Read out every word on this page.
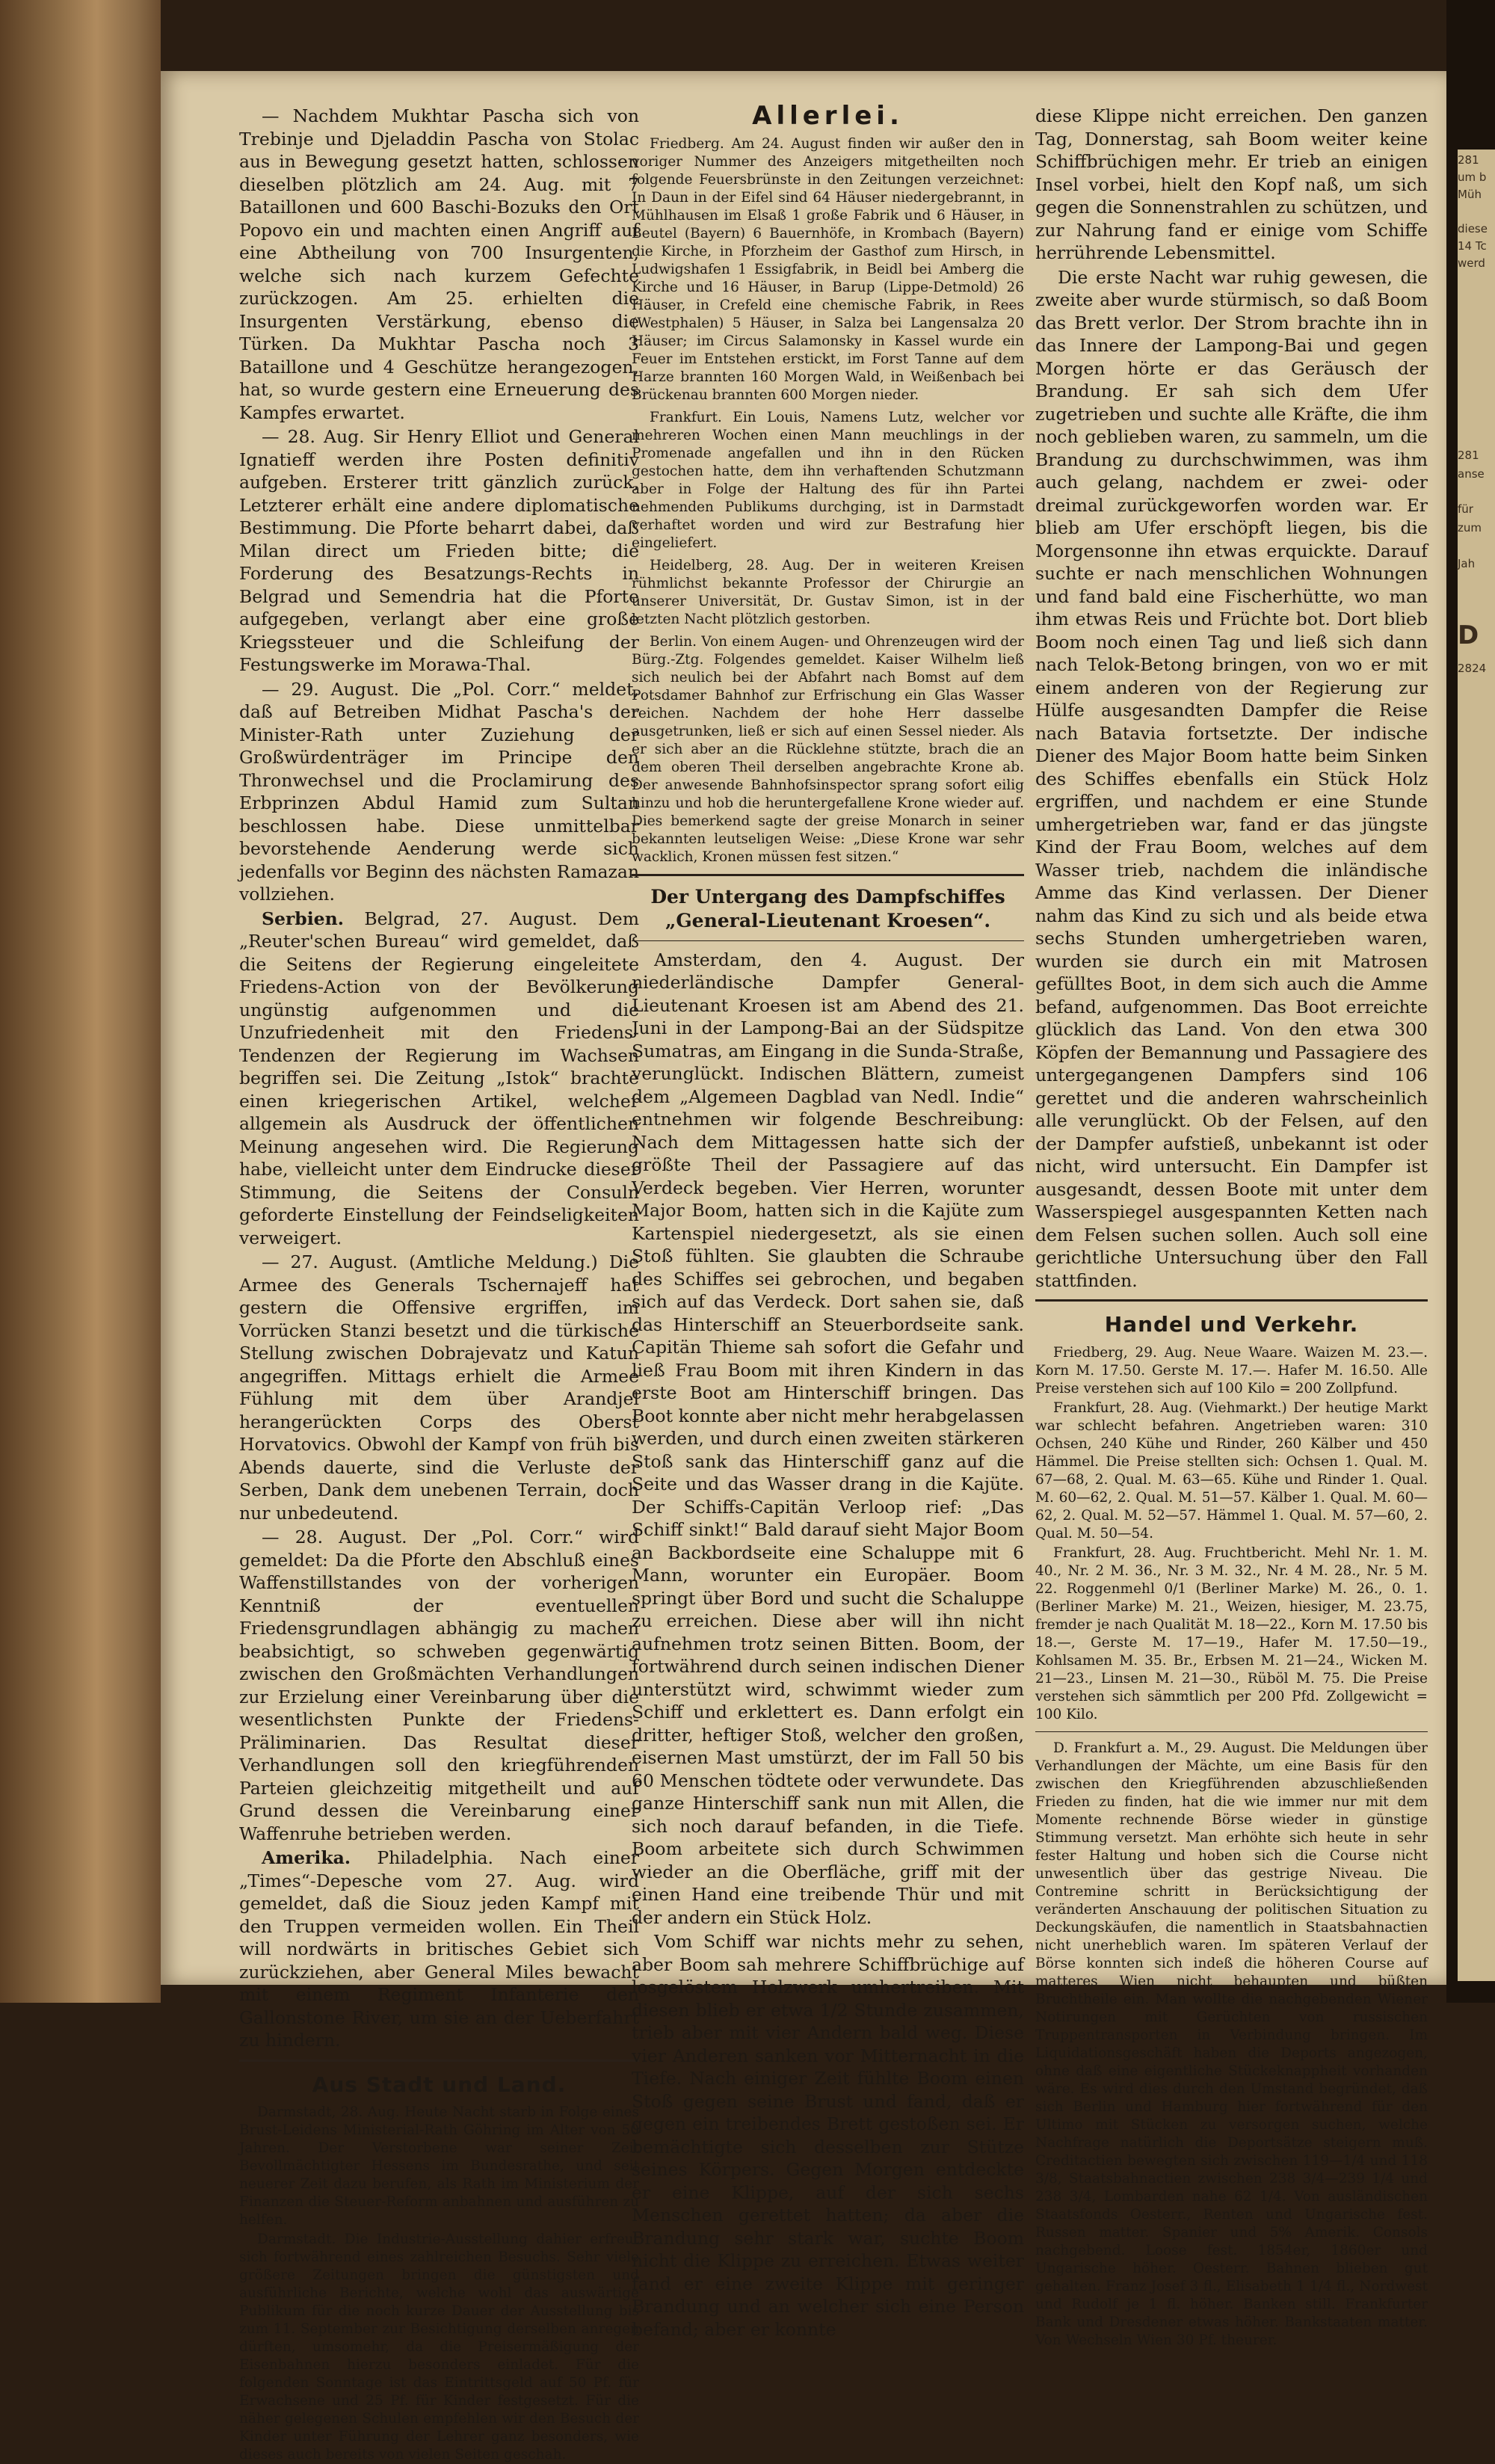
— Nachdem Mukhtar Pascha sich von Trebinje und Djeladdin Pascha von Stolac aus in Bewegung gesetzt hatten, schlossen dieselben plötzlich am 24. Aug. mit 7 Bataillonen und 600 Baschi-Bozuks den Ort Popovo ein und machten einen Angriff auf eine Abtheilung von 700 Insurgenten, welche sich nach kurzem Gefechte zurückzogen. Am 25. erhielten die Insurgenten Verstärkung, ebenso die Türken. Da Mukhtar Pascha noch 3 Bataillone und 4 Geschütze herangezogen, hat, so wurde gestern eine Erneuerung des Kampfes erwartet.

— 28. Aug. Sir Henry Elliot und General Ignatieff werden ihre Posten definitiv aufgeben. Ersterer tritt gänzlich zurück, Letzterer erhält eine andere diplomatische Bestimmung. Die Pforte beharrt dabei, daß Milan direct um Frieden bitte; die Forderung des Besatzungs-Rechts in Belgrad und Semendria hat die Pforte aufgegeben, verlangt aber eine große Kriegssteuer und die Schleifung der Festungswerke im Morawa-Thal.

— 29. August. Die „Pol. Corr.“ meldet, daß auf Betreiben Midhat Pascha's der Minister-Rath unter Zuziehung der Großwürdenträger im Principe den Thronwechsel und die Proclamirung des Erbprinzen Abdul Hamid zum Sultan beschlossen habe. Diese unmittelbar bevorstehende Aenderung werde sich jedenfalls vor Beginn des nächsten Ramazan vollziehen.

Serbien. Belgrad, 27. August. Dem „Reuter'schen Bureau“ wird gemeldet, daß die Seitens der Regierung eingeleitete Friedens-Action von der Bevölkerung ungünstig aufgenommen und die Unzufriedenheit mit den Friedens-Tendenzen der Regierung im Wachsen begriffen sei. Die Zeitung „Istok“ brachte einen kriegerischen Artikel, welcher allgemein als Ausdruck der öffentlichen Meinung angesehen wird. Die Regierung habe, vielleicht unter dem Eindrucke dieser Stimmung, die Seitens der Consuln geforderte Einstellung der Feindseligkeiten verweigert.

— 27. August. (Amtliche Meldung.) Die Armee des Generals Tschernajeff hat gestern die Offensive ergriffen, im Vorrücken Stanzi besetzt und die türkische Stellung zwischen Dobrajevatz und Katun angegriffen. Mittags erhielt die Armee Fühlung mit dem über Arandjel herangerückten Corps des Oberst Horvatovics. Obwohl der Kampf von früh bis Abends dauerte, sind die Verluste der Serben, Dank dem unebenen Terrain, doch nur unbedeutend.

— 28. August. Der „Pol. Corr.“ wird gemeldet: Da die Pforte den Abschluß eines Waffenstillstandes von der vorherigen Kenntniß der eventuellen Friedensgrundlagen abhängig zu machen beabsichtigt, so schweben gegenwärtig zwischen den Großmächten Verhandlungen zur Erzielung einer Vereinbarung über die wesentlichsten Punkte der Friedens-Präliminarien. Das Resultat dieser Verhandlungen soll den kriegführenden Parteien gleichzeitig mitgetheilt und auf Grund dessen die Vereinbarung einer Waffenruhe betrieben werden.

Amerika. Philadelphia. Nach einer „Times“-Depesche vom 27. Aug. wird gemeldet, daß die Siouz jeden Kampf mit den Truppen vermeiden wollen. Ein Theil will nordwärts in britisches Gebiet sich zurückziehen, aber General Miles bewacht mit einem Regiment Infanterie den Gallonstone River, um sie an der Ueberfahrt zu hindern.

Aus Stadt und Land.

Darmstadt, 28. Aug. Heute Nacht starb in Folge eines Brust-Leidens Ministerial-Rath Göhring im Alter von 50 Jahren. Der Verstorbene war seiner Zeit Bevollmächtigter Hessens im Bundesrathe, und seit neuerer Zeit dazu berufen, als Rath im Ministerium der Finanzen die Steuer-Reform anbahnen und ausführen zu helfen.

Darmstadt. Die Industrie-Ausstellung dahier erfreut sich fortwährend eines zahlreichen Besuchs. Sehr viele größere Zeitungen bringen die günstigsten und ausführliche Berichte, welche wohl das auswärtige Publikum für die noch kurze Dauer der Ausstellung bis zum 11. September zur Besichtigung derselben anregen dürften, umsomehr, da die Preisermäßigung der Eisenbahnen hierzu besonders einladet. Für die folgenden Sonntage ist das Eintrittsgeld auf 50 Pf. für Erwachsene und 25 Pf. für Kinder festgesetzt. Für die näher gelegenen Schulen empfehlen wir den Besuch der Kinder unter Führung der Lehrer ganz besonders, wie dieses auch bereits von vielen Seiten geschah.

Allerlei.

Friedberg. Am 24. August finden wir außer den in voriger Nummer des Anzeigers mitgetheilten noch folgende Feuersbrünste in den Zeitungen verzeichnet: In Daun in der Eifel sind 64 Häuser niedergebrannt, in Mühlhausen im Elsaß 1 große Fabrik und 6 Häuser, in Beutel (Bayern) 6 Bauernhöfe, in Krombach (Bayern) die Kirche, in Pforzheim der Gasthof zum Hirsch, in Ludwigshafen 1 Essigfabrik, in Beidl bei Amberg die Kirche und 16 Häuser, in Barup (Lippe-Detmold) 26 Häuser, in Crefeld eine chemische Fabrik, in Rees (Westphalen) 5 Häuser, in Salza bei Langensalza 20 Häuser; im Circus Salamonsky in Kassel wurde ein Feuer im Entstehen erstickt, im Forst Tanne auf dem Harze brannten 160 Morgen Wald, in Weißenbach bei Brückenau brannten 600 Morgen nieder.

Frankfurt. Ein Louis, Namens Lutz, welcher vor mehreren Wochen einen Mann meuchlings in der Promenade angefallen und ihn in den Rücken gestochen hatte, dem ihn verhaftenden Schutzmann aber in Folge der Haltung des für ihn Partei nehmenden Publikums durchging, ist in Darmstadt verhaftet worden und wird zur Bestrafung hier eingeliefert.

Heidelberg, 28. Aug. Der in weiteren Kreisen rühmlichst bekannte Professor der Chirurgie an unserer Universität, Dr. Gustav Simon, ist in der letzten Nacht plötzlich gestorben.

Berlin. Von einem Augen- und Ohrenzeugen wird der Bürg.-Ztg. Folgendes gemeldet. Kaiser Wilhelm ließ sich neulich bei der Abfahrt nach Bomst auf dem Potsdamer Bahnhof zur Erfrischung ein Glas Wasser reichen. Nachdem der hohe Herr dasselbe ausgetrunken, ließ er sich auf einen Sessel nieder. Als er sich aber an die Rücklehne stützte, brach die an dem oberen Theil derselben angebrachte Krone ab. Der anwesende Bahnhofsinspector sprang sofort eilig hinzu und hob die heruntergefallene Krone wieder auf. Dies bemerkend sagte der greise Monarch in seiner bekannten leutseligen Weise: „Diese Krone war sehr wacklich, Kronen müssen fest sitzen.“

Der Untergang des Dampfschiffes „General-Lieutenant Kroesen“.

Amsterdam, den 4. August. Der niederländische Dampfer General-Lieutenant Kroesen ist am Abend des 21. Juni in der Lampong-Bai an der Südspitze Sumatras, am Eingang in die Sunda-Straße, verunglückt. Indischen Blättern, zumeist dem „Algemeen Dagblad van Nedl. Indie“ entnehmen wir folgende Beschreibung: Nach dem Mittagessen hatte sich der größte Theil der Passagiere auf das Verdeck begeben. Vier Herren, worunter Major Boom, hatten sich in die Kajüte zum Kartenspiel niedergesetzt, als sie einen Stoß fühlten. Sie glaubten die Schraube des Schiffes sei gebrochen, und begaben sich auf das Verdeck. Dort sahen sie, daß das Hinterschiff an Steuerbordseite sank. Capitän Thieme sah sofort die Gefahr und ließ Frau Boom mit ihren Kindern in das erste Boot am Hinterschiff bringen. Das Boot konnte aber nicht mehr herabgelassen werden, und durch einen zweiten stärkeren Stoß sank das Hinterschiff ganz auf die Seite und das Wasser drang in die Kajüte. Der Schiffs-Capitän Verloop rief: „Das Schiff sinkt!“ Bald darauf sieht Major Boom an Backbordseite eine Schaluppe mit 6 Mann, worunter ein Europäer. Boom springt über Bord und sucht die Schaluppe zu erreichen. Diese aber will ihn nicht aufnehmen trotz seinen Bitten. Boom, der fortwährend durch seinen indischen Diener unterstützt wird, schwimmt wieder zum Schiff und erklettert es. Dann erfolgt ein dritter, heftiger Stoß, welcher den großen, eisernen Mast umstürzt, der im Fall 50 bis 60 Menschen tödtete oder verwundete. Das ganze Hinterschiff sank nun mit Allen, die sich noch darauf befanden, in die Tiefe. Boom arbeitete sich durch Schwimmen wieder an die Oberfläche, griff mit der einen Hand eine treibende Thür und mit der andern ein Stück Holz.

Vom Schiff war nichts mehr zu sehen, aber Boom sah mehrere Schiffbrüchige auf losgelöstem Holzwerk umhertreiben. Mit diesen blieb er etwa 1/2 Stunde zusammen, trieb aber mit vier Andern bald weg. Diese vier Anderen sanken vor Mitternacht in die Tiefe. Nach einiger Zeit fühlte Boom einen Stoß gegen seine Brust und fand, daß er gegen ein treibendes Brett gestoßen sei. Er bemächtigte sich desselben zur Stütze seines Körpers. Gegen Morgen entdeckte er eine Klippe, auf der sich sechs Menschen gerettet hatten; da aber die Brandung sehr stark war, suchte Boom nicht die Klippe zu erreichen. Etwas weiter fand er eine zweite Klippe mit geringer Brandung und an welcher sich eine Person befand; aber er konnte

diese Klippe nicht erreichen. Den ganzen Tag, Donnerstag, sah Boom weiter keine Schiffbrüchigen mehr. Er trieb an einigen Insel vorbei, hielt den Kopf naß, um sich gegen die Sonnenstrahlen zu schützen, und zur Nahrung fand er einige vom Schiffe herrührende Lebensmittel.

Die erste Nacht war ruhig gewesen, die zweite aber wurde stürmisch, so daß Boom das Brett verlor. Der Strom brachte ihn in das Innere der Lampong-Bai und gegen Morgen hörte er das Geräusch der Brandung. Er sah sich dem Ufer zugetrieben und suchte alle Kräfte, die ihm noch geblieben waren, zu sammeln, um die Brandung zu durchschwimmen, was ihm auch gelang, nachdem er zwei- oder dreimal zurückgeworfen worden war. Er blieb am Ufer erschöpft liegen, bis die Morgensonne ihn etwas erquickte. Darauf suchte er nach menschlichen Wohnungen und fand bald eine Fischerhütte, wo man ihm etwas Reis und Früchte bot. Dort blieb Boom noch einen Tag und ließ sich dann nach Telok-Betong bringen, von wo er mit einem anderen von der Regierung zur Hülfe ausgesandten Dampfer die Reise nach Batavia fortsetzte. Der indische Diener des Major Boom hatte beim Sinken des Schiffes ebenfalls ein Stück Holz ergriffen, und nachdem er eine Stunde umhergetrieben war, fand er das jüngste Kind der Frau Boom, welches auf dem Wasser trieb, nachdem die inländische Amme das Kind verlassen. Der Diener nahm das Kind zu sich und als beide etwa sechs Stunden umhergetrieben waren, wurden sie durch ein mit Matrosen gefülltes Boot, in dem sich auch die Amme befand, aufgenommen. Das Boot erreichte glücklich das Land. Von den etwa 300 Köpfen der Bemannung und Passagiere des untergegangenen Dampfers sind 106 gerettet und die anderen wahrscheinlich alle verunglückt. Ob der Felsen, auf den der Dampfer aufstieß, unbekannt ist oder nicht, wird untersucht. Ein Dampfer ist ausgesandt, dessen Boote mit unter dem Wasserspiegel ausgespannten Ketten nach dem Felsen suchen sollen. Auch soll eine gerichtliche Untersuchung über den Fall stattfinden.

Handel und Verkehr.

Friedberg, 29. Aug. Neue Waare. Waizen M. 23.—. Korn M. 17.50. Gerste M. 17.—. Hafer M. 16.50. Alle Preise verstehen sich auf 100 Kilo = 200 Zollpfund.

Frankfurt, 28. Aug. (Viehmarkt.) Der heutige Markt war schlecht befahren. Angetrieben waren: 310 Ochsen, 240 Kühe und Rinder, 260 Kälber und 450 Hämmel. Die Preise stellten sich: Ochsen 1. Qual. M. 67—68, 2. Qual. M. 63—65. Kühe und Rinder 1. Qual. M. 60—62, 2. Qual. M. 51—57. Kälber 1. Qual. M. 60—62, 2. Qual. M. 52—57. Hämmel 1. Qual. M. 57—60, 2. Qual. M. 50—54.

Frankfurt, 28. Aug. Fruchtbericht. Mehl Nr. 1. M. 40., Nr. 2 M. 36., Nr. 3 M. 32., Nr. 4 M. 28., Nr. 5 M. 22. Roggenmehl 0/1 (Berliner Marke) M. 26., 0. 1. (Berliner Marke) M. 21., Weizen, hiesiger, M. 23.75, fremder je nach Qualität M. 18—22., Korn M. 17.50 bis 18.—, Gerste M. 17—19., Hafer M. 17.50—19., Kohlsamen M. 35. Br., Erbsen M. 21—24., Wicken M. 21—23., Linsen M. 21—30., Rüböl M. 75. Die Preise verstehen sich sämmtlich per 200 Pfd. Zollgewicht = 100 Kilo.

D. Frankfurt a. M., 29. August. Die Meldungen über Verhandlungen der Mächte, um eine Basis für den zwischen den Kriegführenden abzuschließenden Frieden zu finden, hat die wie immer nur mit dem Momente rechnende Börse wieder in günstige Stimmung versetzt. Man erhöhte sich heute in sehr fester Haltung und hoben sich die Course nicht unwesentlich über das gestrige Niveau. Die Contremine schritt in Berücksichtigung der veränderten Anschauung der politischen Situation zu Deckungskäufen, die namentlich in Staatsbahnactien nicht unerheblich waren. Im späteren Verlauf der Börse konnten sich indeß die höheren Course auf matteres Wien nicht behaupten und büßten Bruchtheile ein. Man wollte die nachgebenden Wiener Notirungen mit Gerüchten von russischen Truppentransporten in Verbindung bringen. Im Liquidationsgeschäft haben die Deports angezogen, ohne daß eine eigentliche Stückeknappheit vorhanden wäre. Es wird dies durch den Umstand begründet, daß sich Berlin und Hamburg hier fortwährend für den Ultimo mit Stücken zu versorgen suchen, welche Nachfrage natürlich die Deportsätze steigern muß. Creditactien bewegten sich zwischen 119—1/4 und 118 3/8, Staatsbahnactien zwischen 238 3/4—239 1/4 und 238 3/4, Lombarden nahe 62 1/4. Von ausländischen Staatsfonds Oesterr., Renten und Ungarische fest. Russen matter. Spanier und 5% Amerik. Consols nachgebend. Loose fest. 1854er, 1860er und Ungarische höher. Oesterr. Bahnen blieben gut gehalten. Franz Josef 3 fl., Elisabeth 1 1/4 fl., Nordwest und Rudolf je 1 fl. höher. Banken still. Frankfurter Bank und Dresdener etwas höher. Bankstaaten matter. Von Wechseln Wien 30 Pf. theurer.

281
um b
Müh
diese
14 Tc
werd
281
anse
für
zum
Jah
D
2824
